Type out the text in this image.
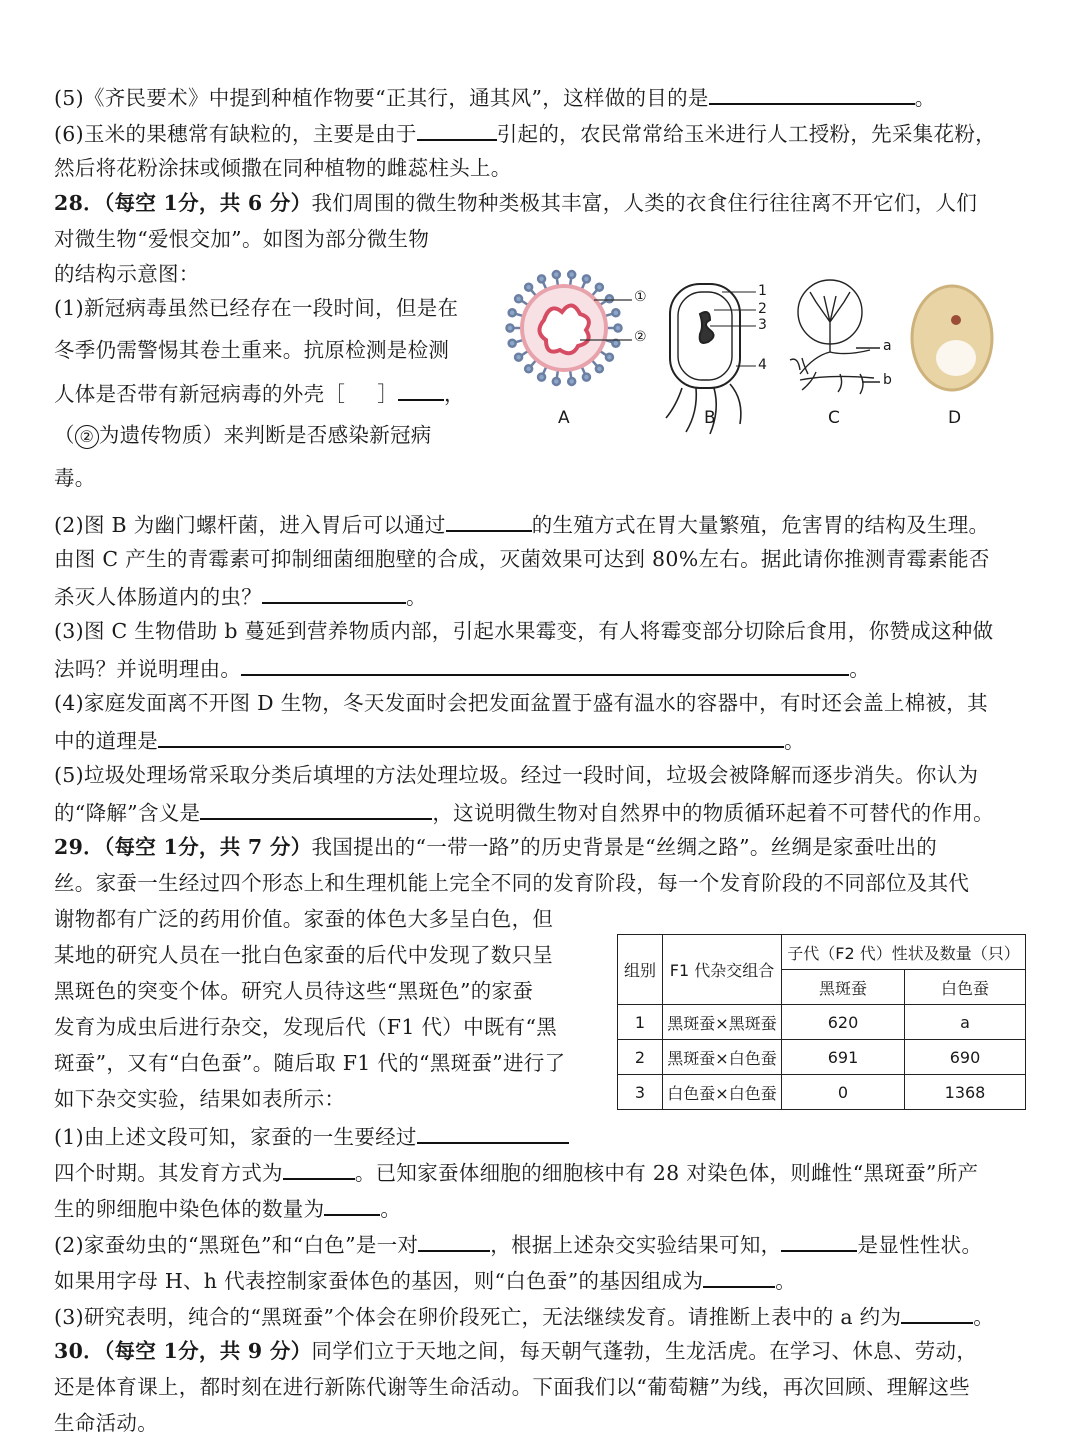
(5)《齐民要术》中提到种植作物要“正其行，通其风”，这样做的目的是	。
(6)玉米的果穗常有缺粒的，主要是由于	引起的，农民常常给玉米进行人工授粉，先采集花粉，
然后将花粉涂抹或倾撒在同种植物的雌蕊柱头上。
28．（每空 1分，共 6 分）我们周围的微生物种类极其丰富，人类的衣食住行往往离不开它们，人们
对微生物“爱恨交加”。如图为部分微生物
的结构示意图：
(1)新冠病毒虽然已经存在一段时间，但是在
冬季仍需警惕其卷土重来。抗原检测是检测
人体是否带有新冠病毒的外壳［ ］ ，
（ ② 为遗传物质）来判断是否感染新冠病
毒。
(2)图 B 为幽门螺杆菌，进入胃后可以通过	的生殖方式在胃大量繁殖，危害胃的结构及生理。
由图 C 产生的青霉素可抑制细菌细胞壁的合成，灭菌效果可达到 80%左右。据此请你推测青霉素能否
杀灭人体肠道内的虫？	。
(3)图 C 生物借助 b 蔓延到营养物质内部，引起水果霉变，有人将霉变部分切除后食用，你赞成这种做
法吗？并说明理由。	。
(4)家庭发面离不开图 D 生物，冬天发面时会把发面盆置于盛有温水的容器中，有时还会盖上棉被，其
中的道理是	。
(5)垃圾处理场常采取分类后填埋的方法处理垃圾。经过一段时间，垃圾会被降解而逐步消失。你认为
的“降解”含义是	，这说明微生物对自然界中的物质循环起着不可替代的作用。
29．（每空 1分，共 7 分）我国提出的“一带一路”的历史背景是“丝绸之路”。丝绸是家蚕吐出的
丝。家蚕一生经过四个形态上和生理机能上完全不同的发育阶段，每一个发育阶段的不同部位及其代
谢物都有广泛的药用价值。家蚕的体色大多呈白色，但
某地的研究人员在一批白色家蚕的后代中发现了数只呈
黑斑色的突变个体。研究人员待这些“黑斑色”的家蚕
发育为成虫后进行杂交，发现后代（F1 代）中既有“黑
斑蚕”，又有“白色蚕”。随后取 F1 代的“黑斑蚕”进行了
如下杂交实验，结果如表所示：
(1)由上述文段可知，家蚕的一生要经过
四个时期。其发育方式为	。已知家蚕体细胞的细胞核中有 28 对染色体，则雌性“黑斑蚕”所产
生的卵细胞中染色体的数量为	。
(2)家蚕幼虫的“黑斑色”和“白色”是一对	，根据上述杂交实验结果可知，	是显性性状。
如果用字母 H、h 代表控制家蚕体色的基因，则“白色蚕”的基因组成为	。
(3)研究表明，纯合的“黑斑蚕”个体会在卵价段死亡，无法继续发育。请推断上表中的 a 约为	。
30．（每空 1分，共 9 分）同学们立于天地之间，每天朝气蓬勃，生龙活虎。在学习、休息、劳动，
还是体育课上，都时刻在进行新陈代谢等生命活动。下面我们以“葡萄糖”为线，再次回顾、理解这些
生命活动。
①
②
1
2
3
4
a
b
A	B	C	D
组别	F1 代杂交组合	子代（F2 代）性状及数量（只）	
		黑斑蚕	白色蚕
1	黑斑蚕×黑斑蚕	620	a
2	黑斑蚕×白色蚕	691	690
3	白色蚕×白色蚕	0	1368
